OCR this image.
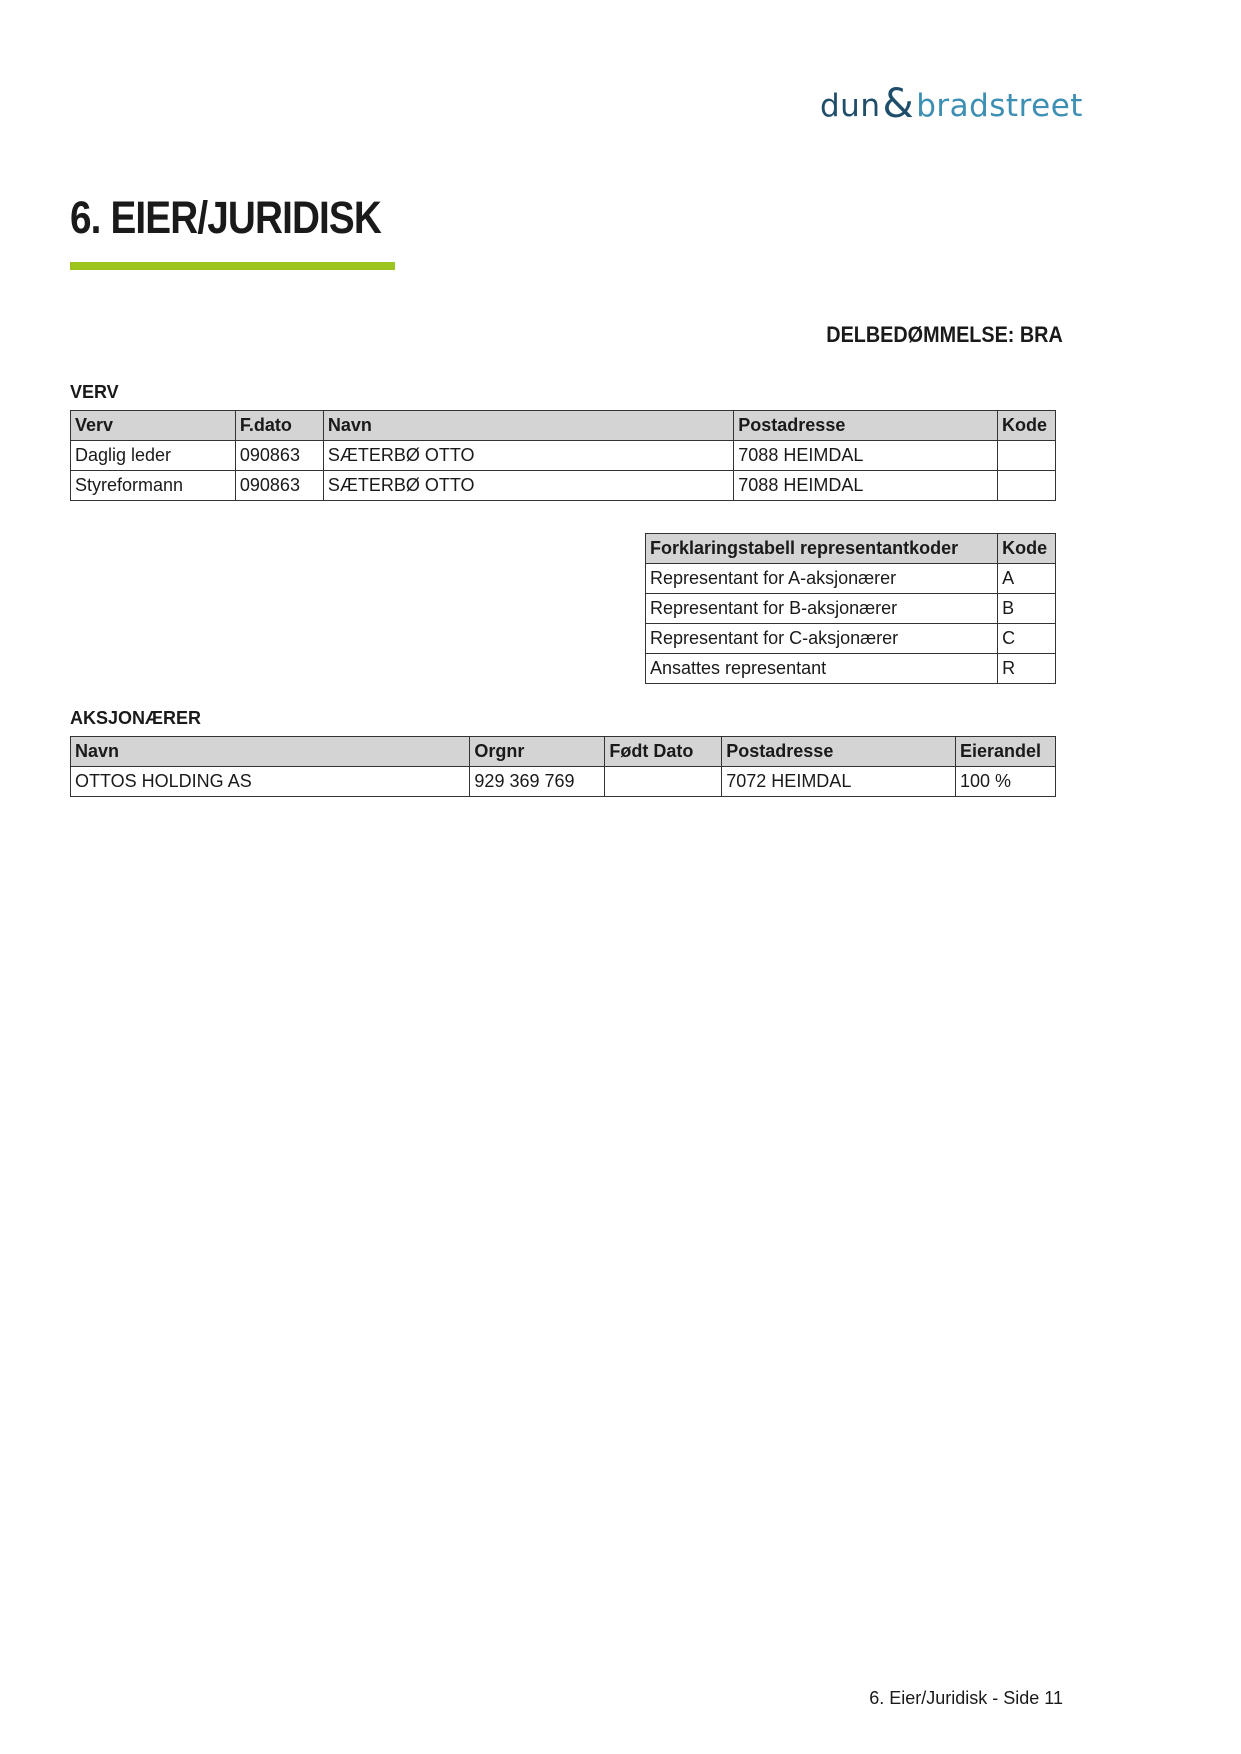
dun & bradstreet
6. EIER/JURIDISK
DELBEDØMMELSE: BRA
VERV
Verv	F.dato	Navn	Postadresse	Kode
Daglig leder	090863	SÆTERBØ OTTO	7088 HEIMDAL	
Styreformann	090863	SÆTERBØ OTTO	7088 HEIMDAL	
Forklaringstabell representantkoder	Kode
Representant for A-aksjonærer	A
Representant for B-aksjonærer	B
Representant for C-aksjonærer	C
Ansattes representant	R
AKSJONÆRER
Navn	Orgnr	Født Dato	Postadresse	Eierandel
OTTOS HOLDING AS	929 369 769		7072 HEIMDAL	100 %
6. Eier/Juridisk - Side 11
